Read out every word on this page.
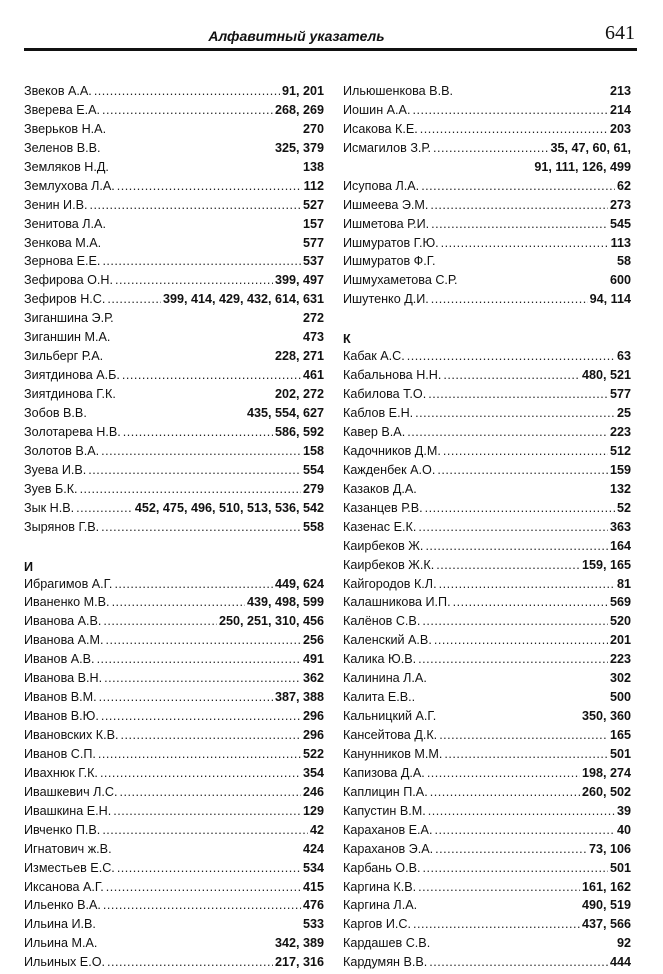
Алфавитный указатель	641
Звеков А.А. .....	91, 201
Зверева Е.А. .....	268, 269
Зверьков Н.А.	270
Зеленов В.В.	325, 379
Земляков Н.Д.	138
Землухова Л.А. .....	112
Зенин И.В. .....	527
Зенитова Л.А.	157
Зенкова М.А.	577
Зернова Е.Е. .....	537
Зефирова О.Н. .....	399, 497
Зефиров Н.С. .....	399, 414, 429, 432, 614, 631
Зиганшина Э.Р.	272
Зиганшин М.А.	473
Зильберг Р.А.	228, 271
Зиятдинова А.Б. .....	461
Зиятдинова Г.К.	202, 272
Зобов В.В.	435, 554, 627
Золотарева Н.В. .....	586, 592
Золотов В.А. .....	158
Зуева И.В. .....	554
Зуев Б.К. .....	279
Зык Н.В. .....	452, 475, 496, 510, 513, 536, 542
Зырянов Г.В. .....	558
И
Ибрагимов А.Г. .....	449, 624
Иваненко М.В. .....	439, 498, 599
Иванова А.В. .....	250, 251, 310, 456
Иванова А.М. .....	256
Иванов А.В. .....	491
Иванова В.Н. .....	362
Иванов В.М. .....	387, 388
Иванов В.Ю. .....	296
Ивановских К.В. .....	296
Иванов С.П. .....	522
Ивахнюк Г.К. .....	354
Ивашкевич Л.С. .....	246
Ивашкина Е.Н. .....	129
Ивченко П.В. .....	42
Игнатович ж.В.	424
Изместьев Е.С. .....	534
Иксанова А.Г. .....	415
Ильенко В.А. .....	476
Ильина И.В.	533
Ильина М.А.	342, 389
Ильиных Е.О. .....	217, 316
Ильюшенкова В.В.	213
Иошин А.А. .....	214
Исакова К.Е. .....	203
Исмагилов З.Р. .....	35, 47, 60, 61,
91, 111, 126, 499
Исупова Л.А. .....	62
Ишмеева Э.М. .....	273
Ишметова Р.И. .....	545
Ишмуратов Г.Ю. .....	113
Ишмуратов Ф.Г.	58
Ишмухаметова С.Р.	600
Ишутенко Д.И. .....	94, 114
К
Кабак А.С. .....	63
Кабальнова Н.Н. .....	480, 521
Кабилова Т.О. .....	577
Каблов Е.Н. .....	25
Кавер В.А. .....	223
Кадочников Д.М. .....	512
Кажденбек А.О. .....	159
Казаков Д.А.	132
Казанцев Р.В. .....	52
Казенас Е.К. .....	363
Каирбеков Ж. .....	164
Каирбеков Ж.К. .....	159, 165
Кайгородов К.Л. .....	81
Калашникова И.П. .....	569
Калёнов С.В. .....	520
Каленский А.В. .....	201
Калика Ю.В. .....	223
Калинина Л.А.	302
Калита Е.В..	500
Кальницкий А.Г.	350, 360
Кансейтова Д.К. .....	165
Канунников М.М. .....	501
Капизова Д.А. .....	198, 274
Каплицин П.А. .....	260, 502
Капустин В.М. .....	39
Караханов Е.А. .....	40
Караханов Э.А. .....	73, 106
Карбань О.В. .....	501
Каргина К.В. .....	161, 162
Каргина Л.А.	490, 519
Каргов И.С. .....	437, 566
Кардашев С.В.	92
Кардумян В.В. .....	444
